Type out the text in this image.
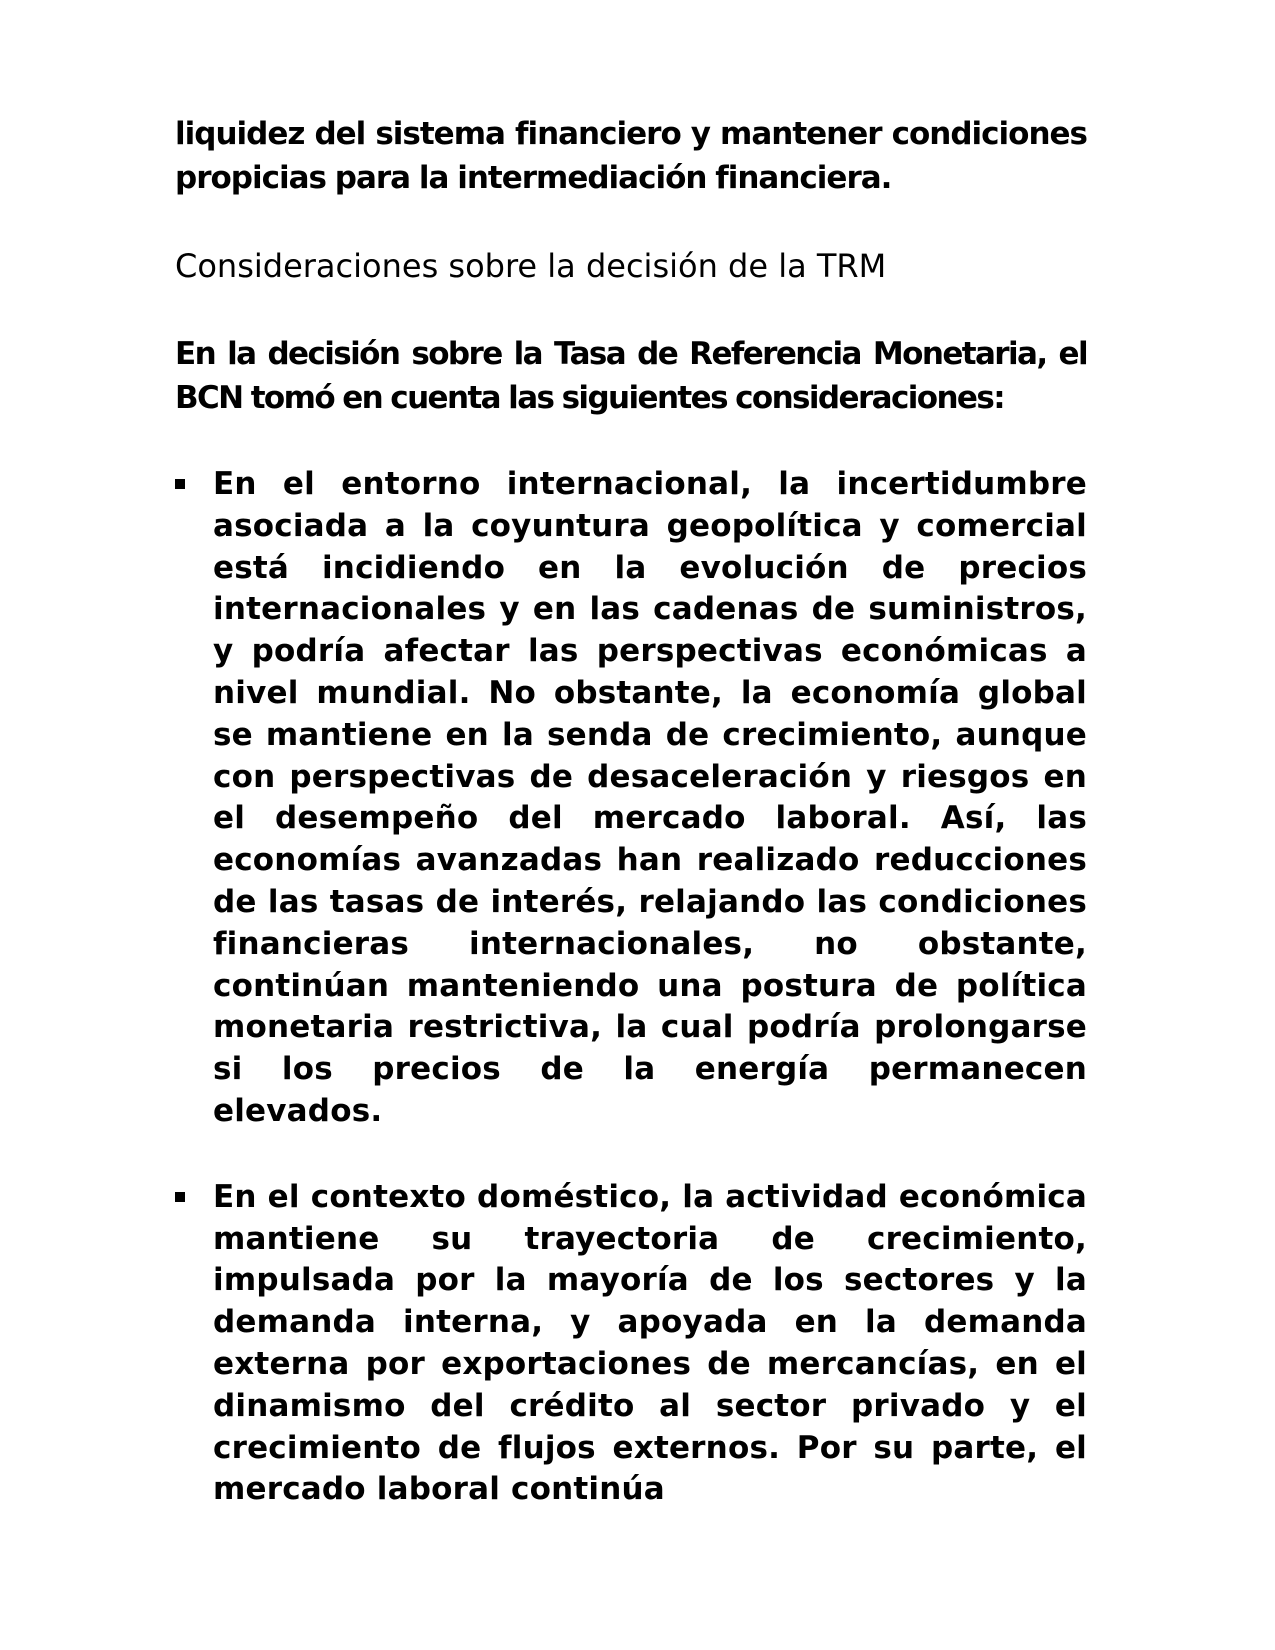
liquidez del sistema financiero y mantener condiciones propicias para la intermediación financiera.

Consideraciones sobre la decisión de la TRM

En la decisión sobre la Tasa de Referencia Monetaria, el BCN tomó en cuenta las siguientes consideraciones:

En el entorno internacional, la incertidumbre asociada a la coyuntura geopolítica y comercial está incidiendo en la evolución de precios internacionales y en las cadenas de suministros, y podría afectar las perspectivas económicas a nivel mundial. No obstante, la economía global se mantiene en la senda de crecimiento, aunque con perspectivas de desaceleración y riesgos en el desempeño del mercado laboral. Así, las economías avanzadas han realizado reducciones de las tasas de interés, relajando las condiciones financieras internacionales, no obstante, continúan manteniendo una postura de política monetaria restrictiva, la cual podría prolongarse si los precios de la energía permanecen elevados.

En el contexto doméstico, la actividad económica mantiene su trayectoria de crecimiento, impulsada por la mayoría de los sectores y la demanda interna, y apoyada en la demanda externa por exportaciones de mercancías, en el dinamismo del crédito al sector privado y el crecimiento de flujos externos. Por su parte, el mercado laboral continúa
